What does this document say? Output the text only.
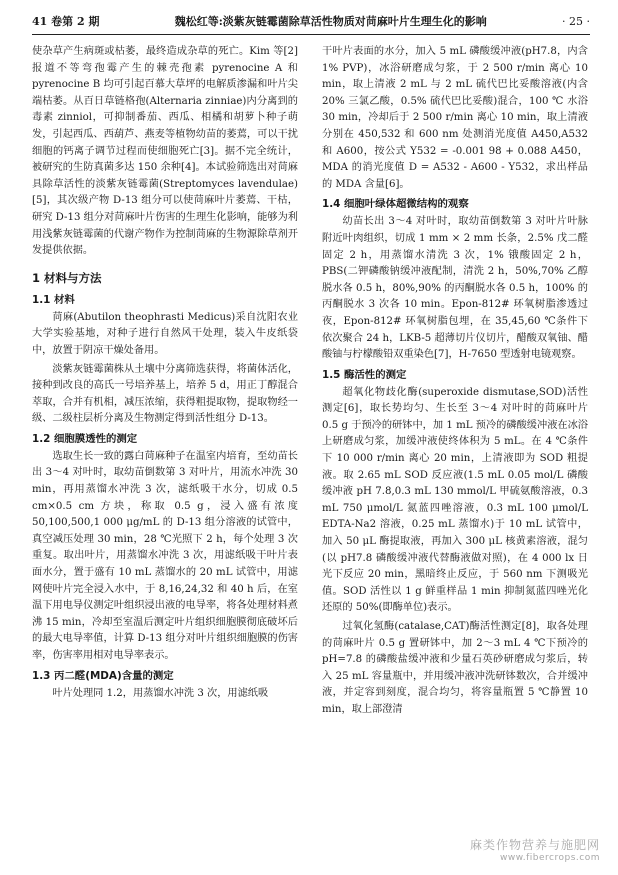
41 卷第 2 期	魏松红等:淡紫灰链霉菌除草活性物质对苘麻叶片生理生化的影响	· 25 ·

使杂草产生病斑或枯萎，最终造成杂草的死亡。Kim 等[2]报道不等弯孢霉产生的棘壳孢素 pyrenocine A 和 pyrenocine B 均可引起百慕大草坪的电解质渗漏和叶片尖端枯萎。从百日草链格孢(Alternaria zinniae)内分离到的毒素 zinniol，可抑制番茄、西瓜、相橘和胡萝卜种子萌发，引起西瓜、西葫芦、燕麦等植物幼苗的萎蔫，可以干扰细胞的钙离子调节过程而使细胞死亡[3]。据不完全统计，被研究的生防真菌多达 150 余种[4]。本试验筛选出对苘麻具除草活性的淡紫灰链霉菌(Streptomyces lavendulae)[5]，其次级产物 D-13 组分可以使苘麻叶片萎蔫、干枯，研究 D-13 组分对苘麻叶片伤害的生理生化影响，能够为利用浅紫灰链霉菌的代谢产物作为控制苘麻的生物源除草剂开发提供依据。

1 材料与方法
1.1 材料

苘麻(Abutilon theophrasti Medicus)采自沈阳农业大学实验基地，对种子进行自然风干处理，装入牛皮纸袋中，放置于阴凉干燥处备用。

淡紫灰链霉菌株从土壤中分离筛选获得，将菌体活化，接种到改良的高氏一号培养基上，培养 5 d，用正丁醇混合萃取，合并有机相，减压浓缩，获得粗提取物，提取物经一级、二级柱层析分离及生物测定得到活性组分 D-13。

1.2 细胞膜透性的测定

选取生长一致的露白苘麻种子在温室内培育，至幼苗长出 3～4 对叶时，取幼苗倒数第 3 对叶片，用流水冲洗 30 min，再用蒸馏水冲洗 3 次，滤纸吸干水分，切成 0.5 cm×0.5 cm 方块，称取 0.5 g，浸入盛有浓度 50,100,500,1 000 μg/mL 的 D-13 组分溶液的试管中，真空减压处理 30 min，28 ℃光照下 2 h，每个处理 3 次重复。取出叶片，用蒸馏水冲洗 3 次，用滤纸吸干叶片表面水分，置于盛有 10 mL 蒸馏水的 20 mL 试管中，用滤网使叶片完全浸入水中，于 8,16,24,32 和 40 h 后，在室温下用电导仪测定叶组织浸出液的电导率，将各处理材料煮沸 15 min，冷却至室温后测定叶片组织细胞膜彻底破坏后的最大电导率值，计算 D-13 组分对叶片组织细胞膜的伤害率，伤害率用相对电导率表示。

1.3 丙二醛(MDA)含量的测定

叶片处理同 1.2，用蒸馏水冲洗 3 次，用滤纸吸

干叶片表面的水分，加入 5 mL 磷酸缓冲液(pH7.8，内含 1% PVP)，冰浴研磨成匀浆，于 2 500 r/min 离心 10 min，取上清液 2 mL 与 2 mL 硫代巴比妥酸溶液(内含 20% 三氯乙酸，0.5% 硫代巴比妥酸)混合，100 ℃ 水浴 30 min，冷却后于 2 500 r/min 离心 10 min，取上清液分别在 450,532 和 600 nm 处测消光度值 A450,A532 和 A600，按公式 Y532 = -0.001 98 + 0.088 A450，MDA 的消光度值 D = A532 - A600 - Y532，求出样品的 MDA 含量[6]。

1.4 细胞叶绿体超微结构的观察

幼苗长出 3～4 对叶时，取幼苗倒数第 3 对叶片叶脉附近叶肉组织，切成 1 mm × 2 mm 长条，2.5% 戊二醛固定 2 h，用蒸馏水清洗 3 次，1% 锇酸固定 2 h，PBS(二钾磷酸钠缓冲液配制，清洗 2 h，50%,70% 乙醇脱水各 0.5 h，80%,90% 的丙酮脱水各 0.5 h，100% 的丙酮脱水 3 次各 10 min。Epon-812# 环氧树脂渗透过夜，Epon-812# 环氧树脂包埋，在 35,45,60 ℃条件下依次聚合 24 h，LKB-5 超薄切片仪切片，醋酸双氧铀、醋酸铀与柠檬酸铅双重染色[7]，H-7650 型透射电镜观察。

1.5 酶活性的测定

超氧化物歧化酶(superoxide dismutase,SOD)活性测定[6]，取长势均匀、生长至 3～4 对叶时的苘麻叶片 0.5 g 于预冷的研钵中，加 1 mL 预冷的磷酸缓冲液在冰浴上研磨成匀浆，加缓冲液使终体积为 5 mL。在 4 ℃条件下 10 000 r/min 离心 20 min，上清液即为 SOD 粗提液。取 2.65 mL SOD 反应液(1.5 mL 0.05 mol/L 磷酸缓冲液 pH 7.8,0.3 mL 130 mmol/L 甲硫氨酸溶液，0.3 mL 750 μmol/L 氮蓝四唑溶液，0.3 mL 100 μmol/L EDTA-Na2 溶液，0.25 mL 蒸馏水)于 10 mL 试管中，加入 50 μL 酶提取液，再加入 300 μL 核黄素溶液，混匀(以 pH7.8 磷酸缓冲液代替酶液做对照)，在 4 000 lx 日光下反应 20 min，黑暗终止反应，于 560 nm 下测吸光值。SOD 活性以 1 g 鲜重样品 1 min 抑制氮蓝四唑光化还原的 50%(即酶单位)表示。

过氧化氢酶(catalase,CAT)酶活性测定[8]，取各处理的苘麻叶片 0.5 g 置研钵中，加 2～3 mL 4 ℃下预冷的 pH=7.8 的磷酸盐缓冲液和少量石英砂研磨成匀浆后，转入 25 mL 容量瓶中，并用缓冲液冲洗研钵数次，合并缓冲液，并定容到刻度，混合均匀，将容量瓶置 5 ℃静置 10 min，取上部澄清

麻类作物营养与施肥网
www.fibercrops.com
